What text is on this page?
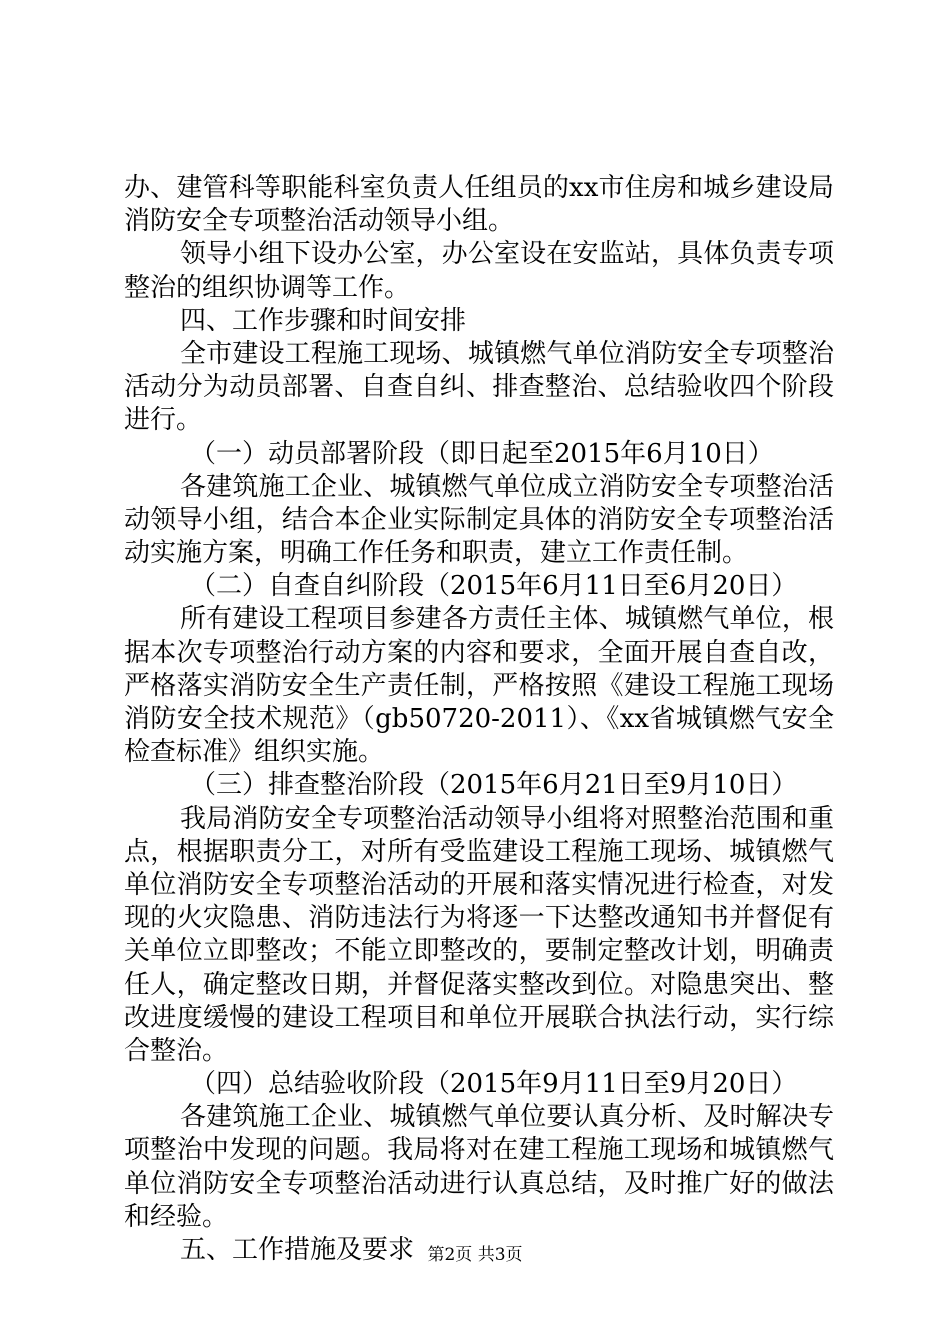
办、建管科等职能科室负责人任组员的xx市住房和城乡建设局
消防安全专项整治活动领导小组。
领导小组下设办公室，办公室设在安监站，具体负责专项
整治的组织协调等工作。
四、工作步骤和时间安排
全市建设工程施工现场、城镇燃气单位消防安全专项整治
活动分为动员部署、自查自纠、排查整治、总结验收四个阶段
进行。
（一）动员部署阶段（即日起至2015年6月10日）
各建筑施工企业、城镇燃气单位成立消防安全专项整治活
动领导小组，结合本企业实际制定具体的消防安全专项整治活
动实施方案，明确工作任务和职责，建立工作责任制。
（二）自查自纠阶段（2015年6月11日至6月20日）
所有建设工程项目参建各方责任主体、城镇燃气单位，根
据本次专项整治行动方案的内容和要求，全面开展自查自改，
严格落实消防安全生产责任制，严格按照《建设工程施工现场
消防安全技术规范》（gb50720-2011）、《xx省城镇燃气安全
检查标准》组织实施。
（三）排查整治阶段（2015年6月21日至9月10日）
我局消防安全专项整治活动领导小组将对照整治范围和重
点，根据职责分工，对所有受监建设工程施工现场、城镇燃气
单位消防安全专项整治活动的开展和落实情况进行检查，对发
现的火灾隐患、消防违法行为将逐一下达整改通知书并督促有
关单位立即整改；不能立即整改的，要制定整改计划，明确责
任人，确定整改日期，并督促落实整改到位。对隐患突出、整
改进度缓慢的建设工程项目和单位开展联合执法行动，实行综
合整治。
（四）总结验收阶段（2015年9月11日至9月20日）
各建筑施工企业、城镇燃气单位要认真分析、及时解决专
项整治中发现的问题。我局将对在建工程施工现场和城镇燃气
单位消防安全专项整治活动进行认真总结，及时推广好的做法
和经验。
五、工作措施及要求 第2页 共3页
